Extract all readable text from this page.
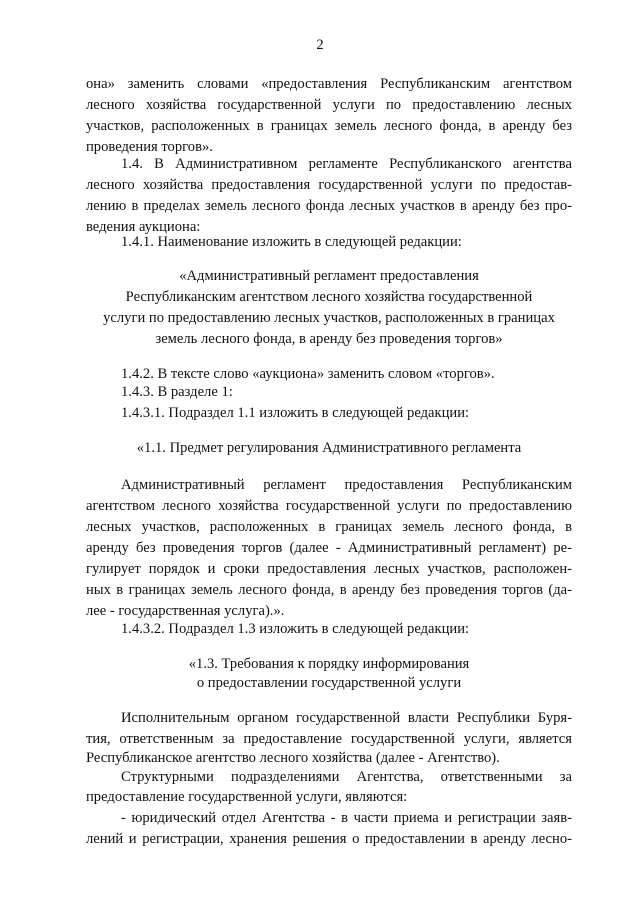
2
она» заменить словами «предоставления Республиканским агентством
лесного хозяйства государственной услуги по предоставлению лесных
участков, расположенных в границах земель лесного фонда, в аренду без
проведения торгов».
1.4. В Административном регламенте Республиканского агентства
лесного хозяйства предоставления государственной услуги по предостав-
лению в пределах земель лесного фонда лесных участков в аренду без про-
ведения аукциона:
1.4.1. Наименование изложить в следующей редакции:
«Административный регламент предоставления
Республиканским агентством лесного хозяйства государственной
услуги по предоставлению лесных участков, расположенных в границах
земель лесного фонда, в аренду без проведения торгов»
1.4.2. В тексте слово «аукциона» заменить словом «торгов».
1.4.3. В разделе 1:
1.4.3.1. Подраздел 1.1 изложить в следующей редакции:
«1.1. Предмет регулирования Административного регламента
Административный регламент предоставления Республиканским
агентством лесного хозяйства государственной услуги по предоставлению
лесных участков, расположенных в границах земель лесного фонда, в
аренду без проведения торгов (далее - Административный регламент) ре-
гулирует порядок и сроки предоставления лесных участков, расположен-
ных в границах земель лесного фонда, в аренду без проведения торгов (да-
лее - государственная услуга).».
1.4.3.2. Подраздел 1.3 изложить в следующей редакции:
«1.3. Требования к порядку информирования
о предоставлении государственной услуги
Исполнительным органом государственной власти Республики Буря-
тия, ответственным за предоставление государственной услуги, является
Республиканское агентство лесного хозяйства (далее - Агентство).
Структурными подразделениями Агентства, ответственными за
предоставление государственной услуги, являются:
- юридический отдел Агентства - в части приема и регистрации заяв-
лений и регистрации, хранения решения о предоставлении в аренду лесно-
